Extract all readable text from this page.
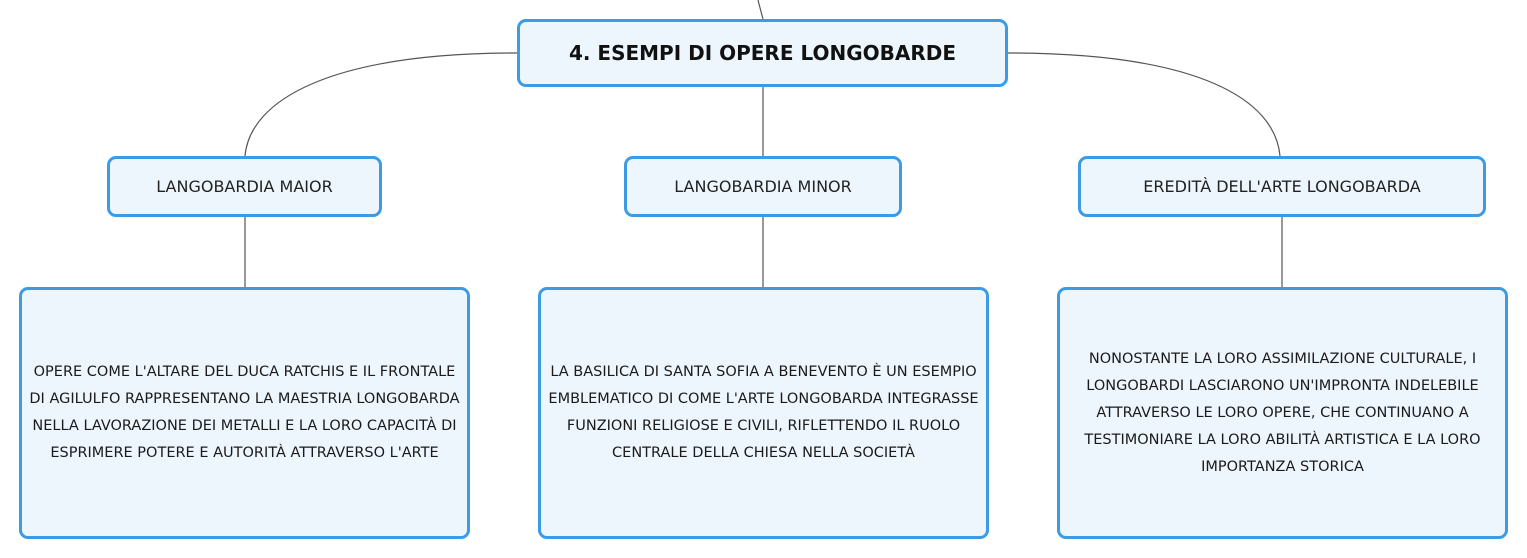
4. ESEMPI DI OPERE LONGOBARDE
LANGOBARDIA MAIOR	LANGOBARDIA MINOR	EREDITÀ DELL'ARTE LONGOBARDA
OPERE COME L'ALTARE DEL DUCA RATCHIS E IL FRONTALE DI AGILULFO RAPPRESENTANO LA MAESTRIA LONGOBARDA NELLA LAVORAZIONE DEI METALLI E LA LORO CAPACITÀ DI ESPRIMERE POTERE E AUTORITÀ ATTRAVERSO L'ARTE
LA BASILICA DI SANTA SOFIA A BENEVENTO È UN ESEMPIO EMBLEMATICO DI COME L'ARTE LONGOBARDA INTEGRASSE FUNZIONI RELIGIOSE E CIVILI, RIFLETTENDO IL RUOLO CENTRALE DELLA CHIESA NELLA SOCIETÀ
NONOSTANTE LA LORO ASSIMILAZIONE CULTURALE, I LONGOBARDI LASCIARONO UN'IMPRONTA INDELEBILE ATTRAVERSO LE LORO OPERE, CHE CONTINUANO A TESTIMONIARE LA LORO ABILITÀ ARTISTICA E LA LORO IMPORTANZA STORICA
